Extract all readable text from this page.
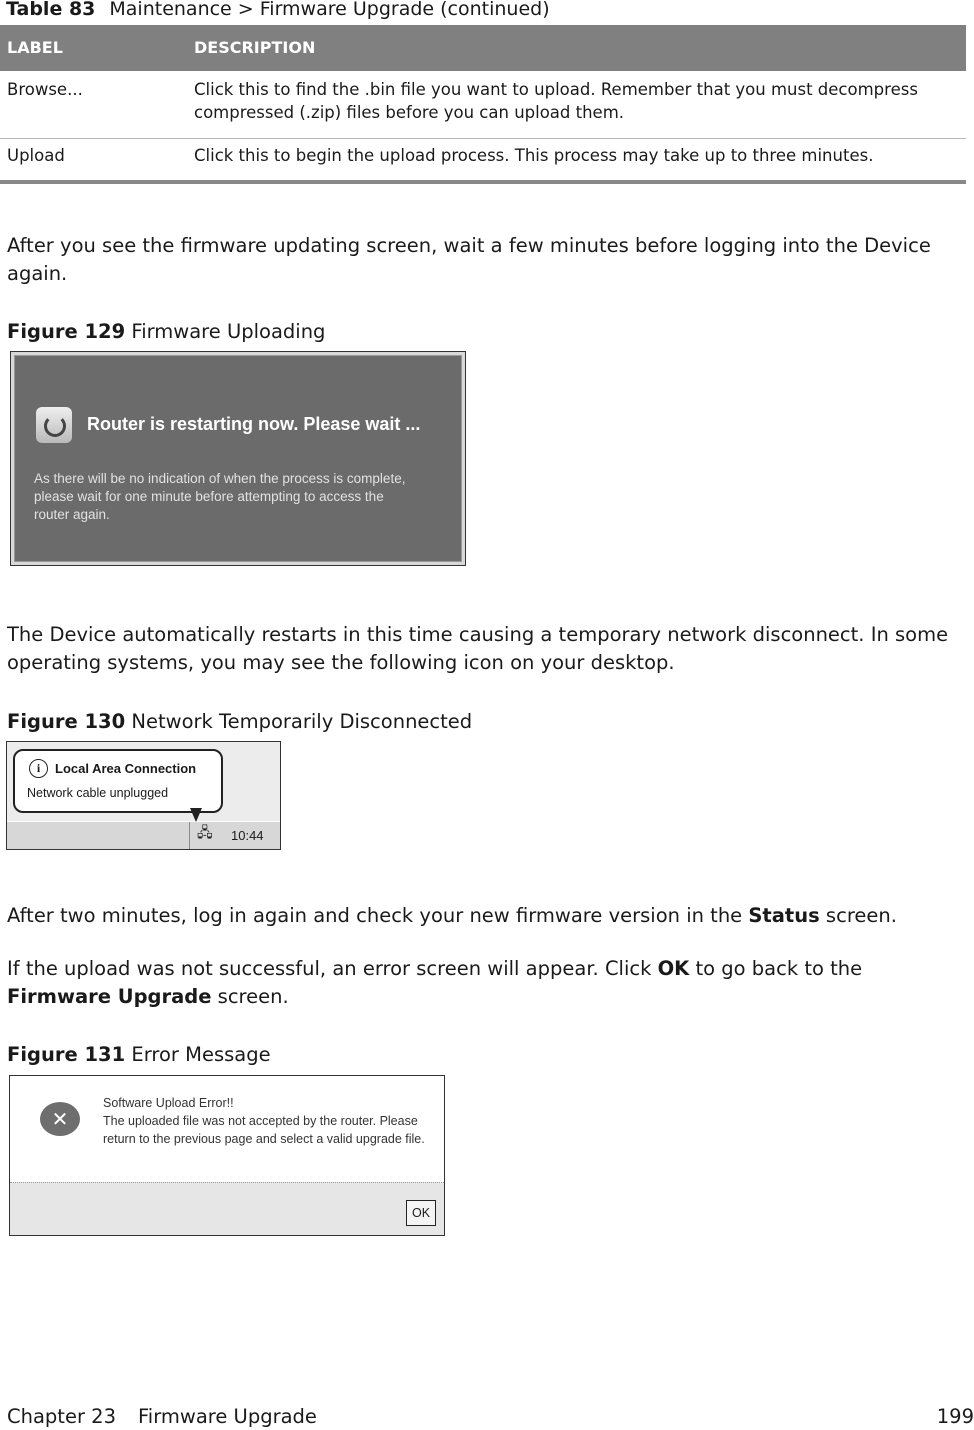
Table 83 Maintenance > Firmware Upgrade (continued)
LABEL	DESCRIPTION
Browse...	Click this to find the .bin file you want to upload. Remember that you must decompress
compressed (.zip) files before you can upload them.
Upload	Click this to begin the upload process. This process may take up to three minutes.
After you see the firmware updating screen, wait a few minutes before logging into the Device again.
Figure 129 Firmware Uploading
Router is restarting now. Please wait ...
As there will be no indication of when the process is complete,
please wait for one minute before attempting to access the
router again.
The Device automatically restarts in this time causing a temporary network disconnect. In some operating systems, you may see the following icon on your desktop.
Figure 130 Network Temporarily Disconnected
🖧 10:44
i	Local Area Connection
Network cable unplugged
After two minutes, log in again and check your new firmware version in the Status screen.
If the upload was not successful, an error screen will appear. Click OK to go back to the Firmware Upgrade screen.
Figure 131 Error Message
✕
Software Upload Error!!
The uploaded file was not accepted by the router. Please
return to the previous page and select a valid upgrade file.
OK
Chapter 23 Firmware Upgrade	199
